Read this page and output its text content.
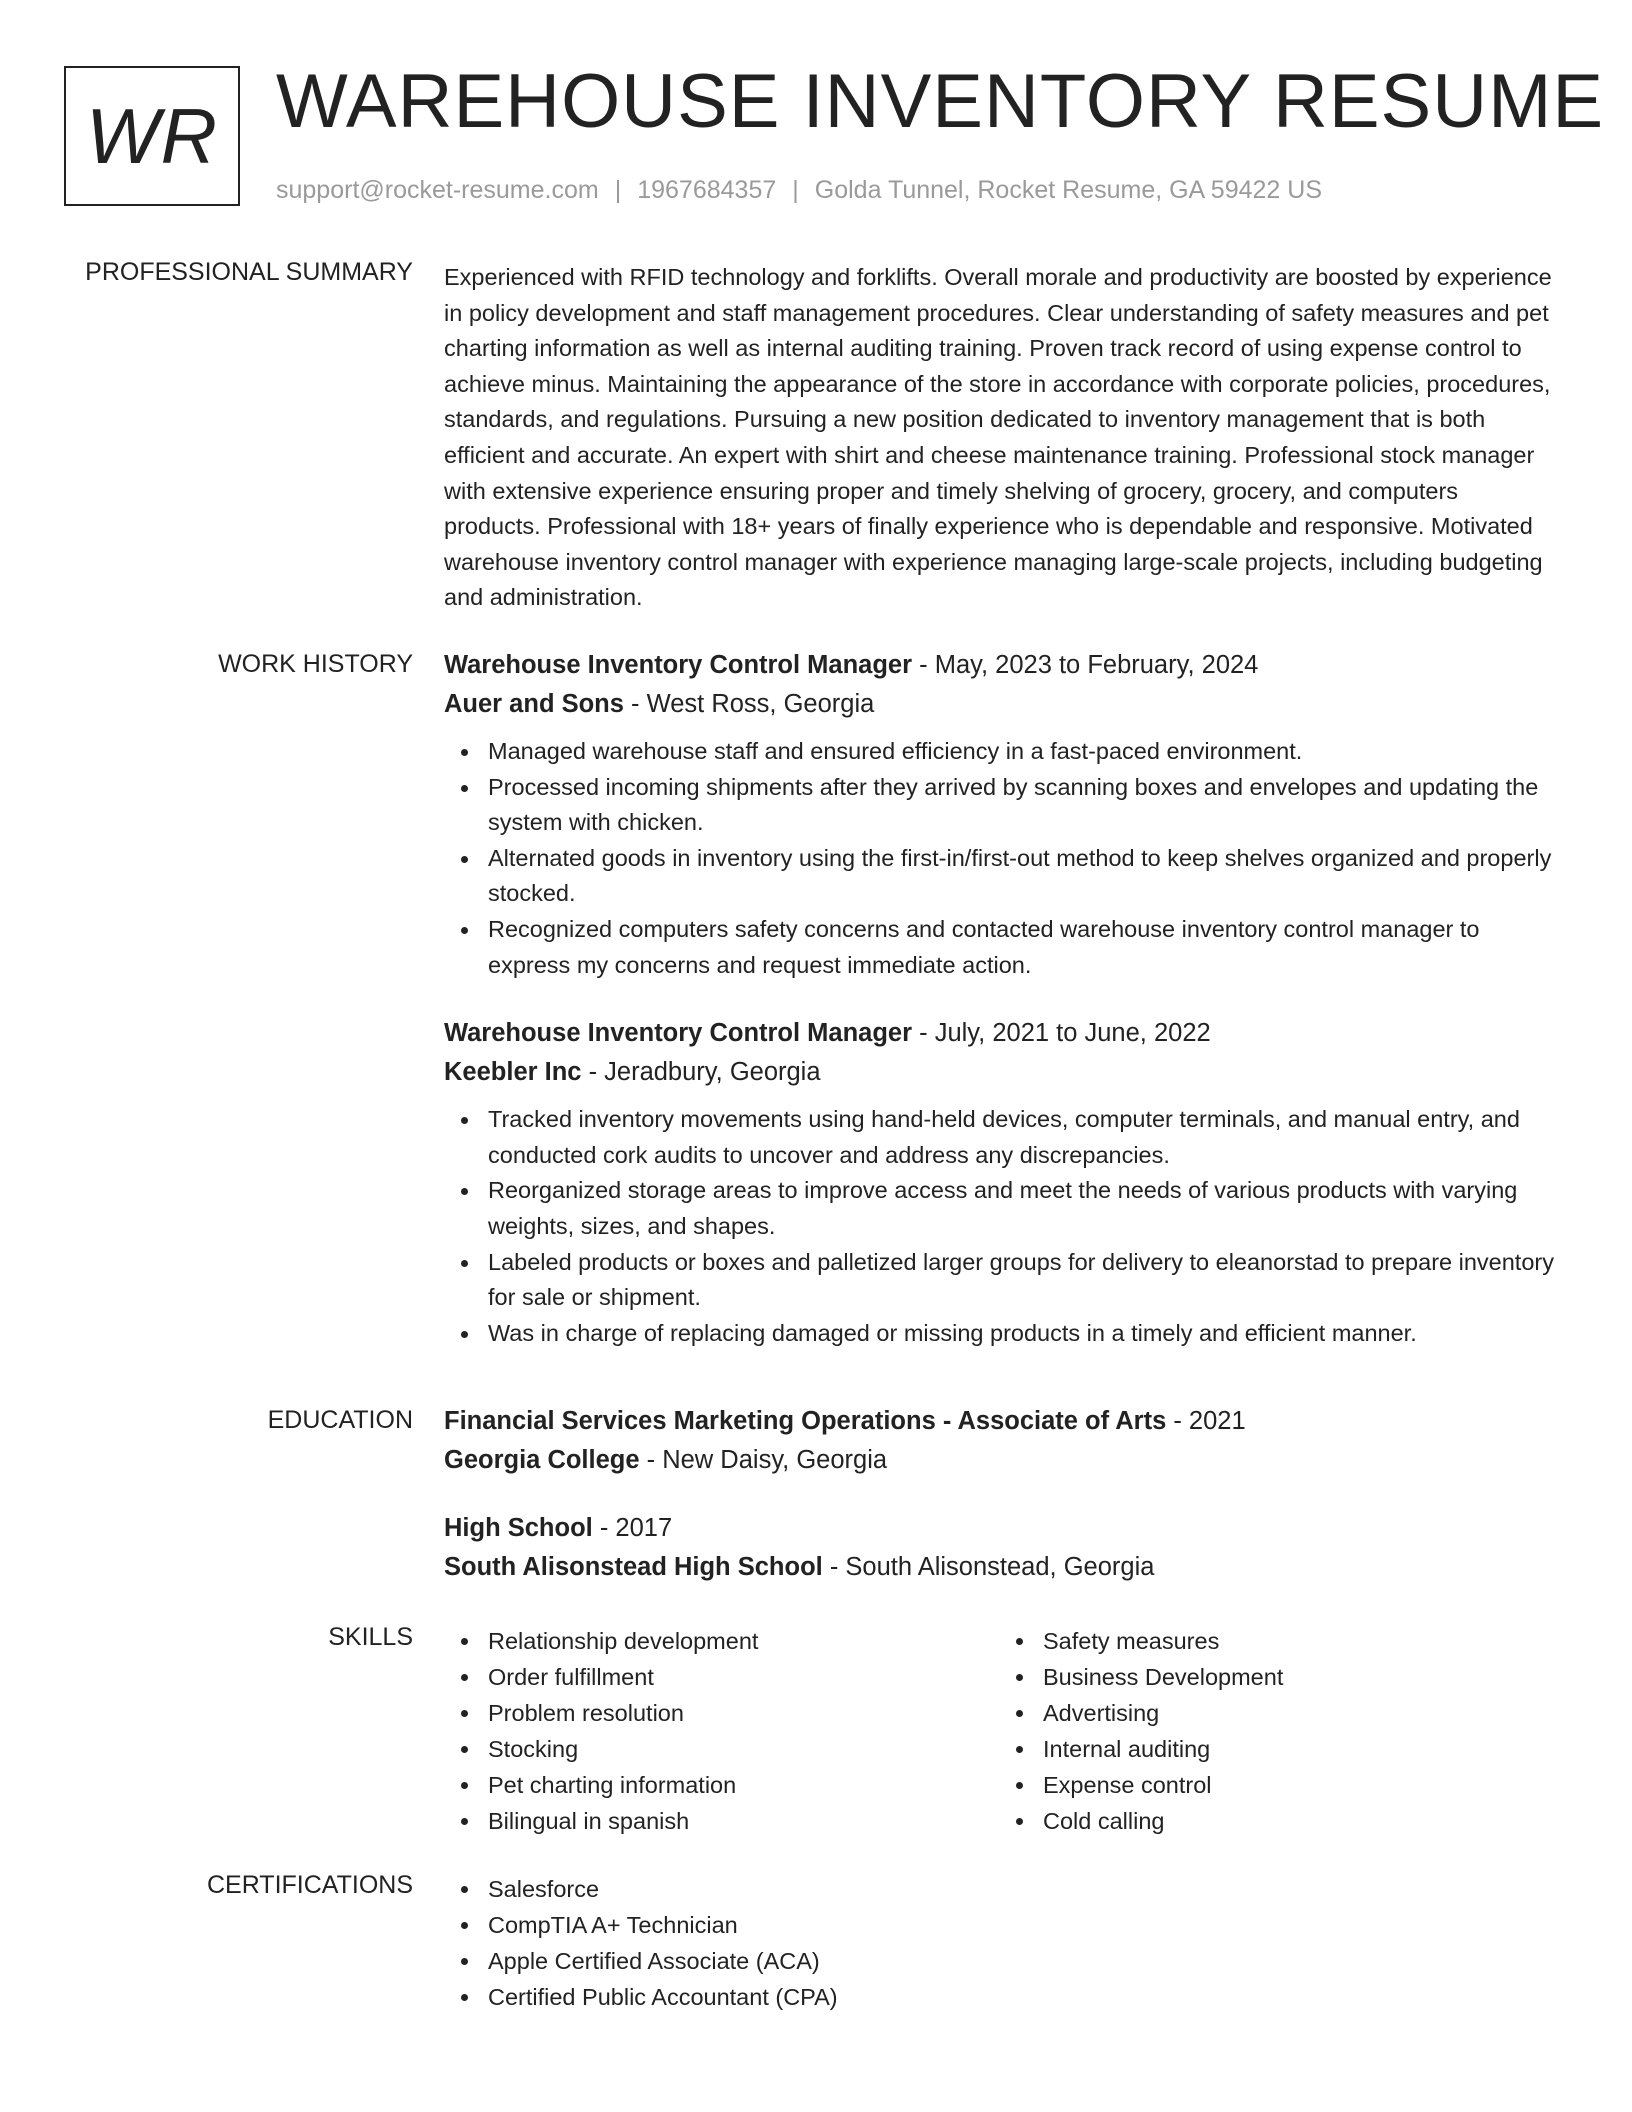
WR WAREHOUSE INVENTORY RESUME
support@rocket-resume.com | 1967684357 | Golda Tunnel, Rocket Resume, GA 59422 US
PROFESSIONAL SUMMARY Experienced with RFID technology and forklifts. Overall morale and productivity are boosted by experience in policy development and staff management procedures. Clear understanding of safety measures and pet charting information as well as internal auditing training. Proven track record of using expense control to achieve minus. Maintaining the appearance of the store in accordance with corporate policies, procedures, standards, and regulations. Pursuing a new position dedicated to inventory management that is both efficient and accurate. An expert with shirt and cheese maintenance training. Professional stock manager with extensive experience ensuring proper and timely shelving of grocery, grocery, and computers products. Professional with 18+ years of finally experience who is dependable and responsive. Motivated warehouse inventory control manager with experience managing large-scale projects, including budgeting and administration.

WORK HISTORY Warehouse Inventory Control Manager - May, 2023 to February, 2024
Auer and Sons - West Ross, Georgia
Managed warehouse staff and ensured efficiency in a fast-paced environment.
Processed incoming shipments after they arrived by scanning boxes and envelopes and updating the system with chicken.
Alternated goods in inventory using the first-in/first-out method to keep shelves organized and properly stocked.
Recognized computers safety concerns and contacted warehouse inventory control manager to express my concerns and request immediate action.
Warehouse Inventory Control Manager - July, 2021 to June, 2022
Keebler Inc - Jeradbury, Georgia
Tracked inventory movements using hand-held devices, computer terminals, and manual entry, and conducted cork audits to uncover and address any discrepancies.
Reorganized storage areas to improve access and meet the needs of various products with varying weights, sizes, and shapes.
Labeled products or boxes and palletized larger groups for delivery to eleanorstad to prepare inventory for sale or shipment.
Was in charge of replacing damaged or missing products in a timely and efficient manner.
EDUCATION Financial Services Marketing Operations - Associate of Arts - 2021
Georgia College - New Daisy, Georgia
High School - 2017
South Alisonstead High School - South Alisonstead, Georgia
SKILLS	Relationship development
Order fulfillment
Problem resolution
Stocking
Pet charting information
Bilingual in spanish
Safety measures
Business Development
Advertising
Internal auditing
Expense control
Cold calling
CERTIFICATIONS	Salesforce
CompTIA A+ Technician
Apple Certified Associate (ACA)
Certified Public Accountant (CPA)
